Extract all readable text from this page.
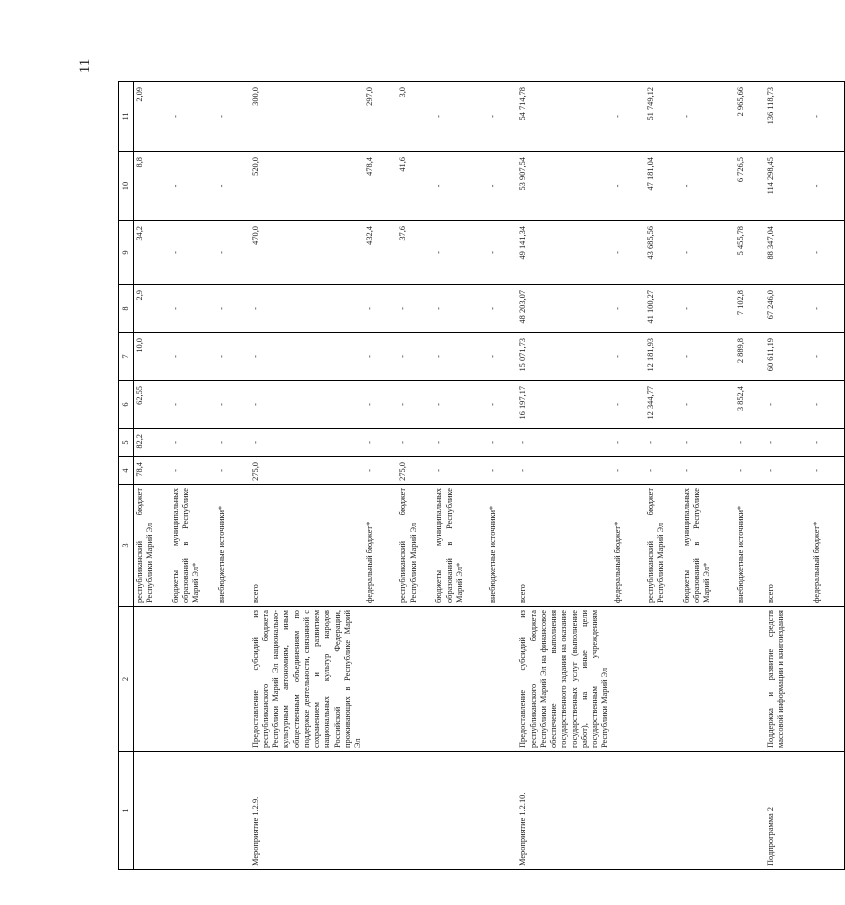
11
1	2	3	4	5	6	7	8	9	10	11
		республиканский бюджет Республики Марий Эл	78,4	82,2	62,55	10,0	2,9	34,2	8,8	2,09
		бюджеты муниципальных образований в Республике Марий Эл*	-	-	-	-	-	-	-	-
		внебюджетные источники*	-	-	-	-	-	-	-	-
Мероприятие 1.2.9.	Предоставление субсидий из республиканского бюджета Республики Марий Эл национально-культурным автономиям, иным общественным объединениям по поддержке деятельности, связанной с сохранением и развитием национальных культур народов Российской Федерации, проживающих в Республике Марий Эл	всего	275,0	-	-	-	-	470,0	520,0	300,0
		федеральный бюджет*	-	-	-	-	-	432,4	478,4	297,0
		республиканский бюджет Республики Марий Эл	275,0	-	-	-	-	37,6	41,6	3,0
		бюджеты муниципальных образований в Республике Марий Эл*	-	-	-	-	-	-	-	-
		внебюджетные источники*	-	-	-	-	-	-	-	-
Мероприятие 1.2.10.	Предоставление субсидий из республиканского бюджета Республики Марий Эл на финансовое обеспечение выполнения государственного задания на оказание государственных услуг (выполнение работ), на иные цели государственным учреждениям Республики Марий Эл	всего	-	-	16 197,17	15 071,73	48 203,07	49 141,34	53 907,54	54 714,78
		федеральный бюджет*	-	-	-	-	-	-	-	-
		республиканский бюджет Республики Марий Эл	-	-	12 344,77	12 181,93	41 100,27	43 685,56	47 181,04	51 749,12
		бюджеты муниципальных образований в Республике Марий Эл*	-	-	-	-	-	-	-	-
		внебюджетные источники*	-	-	3 852,4	2 889,8	7 102,8	5 455,78	6 726,5	2 965,66
Подпрограмма 2	Поддержка и развитие средств массовой информации и книгоиздания	всего	-	-	-	60 611,19	67 246,0	88 347,04	114 298,45	136 118,73
		федеральный бюджет*	-	-	-	-	-	-	-	-
